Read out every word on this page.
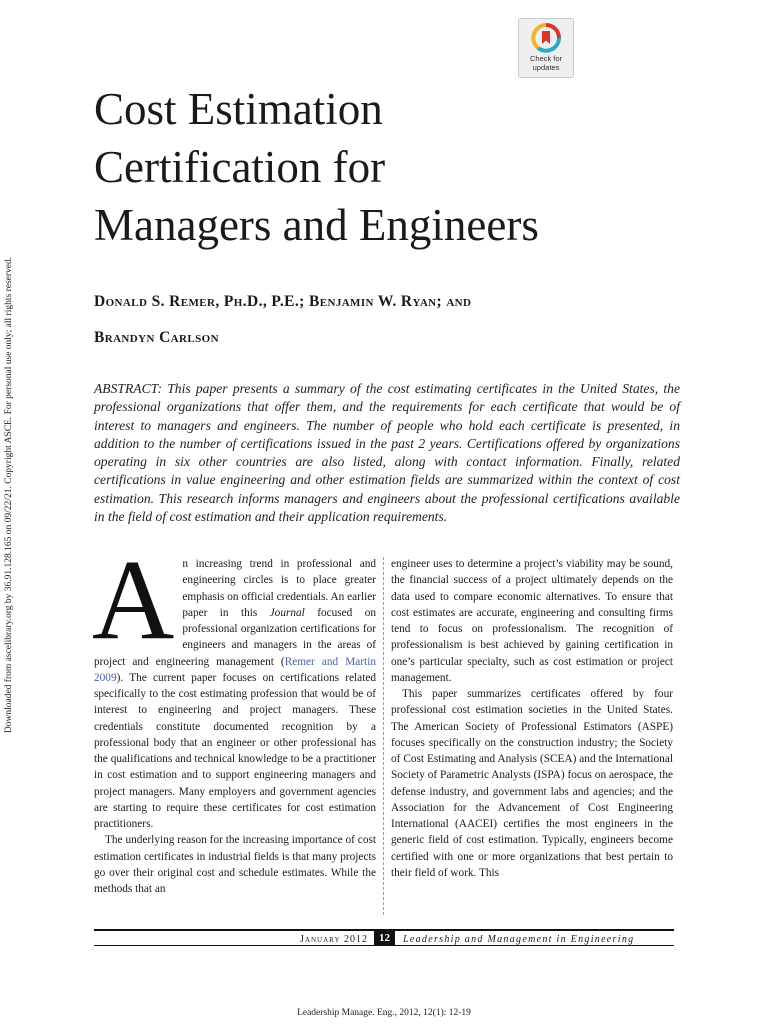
Downloaded from ascelibrary.org by 36.91.128.165 on 09/22/21. Copyright ASCE. For personal use only; all rights reserved.
Check for
updates
Cost Estimation
Certification for
Managers and Engineers
Donald S. Remer, Ph.D., P.E.; Benjamin W. Ryan; and
Brandyn Carlson
ABSTRACT: This paper presents a summary of the cost estimating certificates in the United States, the professional organizations that offer them, and the requirements for each certificate that would be of interest to managers and engineers. The number of people who hold each certificate is presented, in addition to the number of certifications issued in the past 2 years. Certifications offered by organizations operating in six other countries are also listed, along with contact information. Finally, related certifications in value engineering and other estimation fields are summarized within the context of cost estimation. This research informs managers and engineers about the professional certifications available in the field of cost estimation and their application requirements.

An increasing trend in professional and engineering circles is to place greater emphasis on official credentials. An earlier paper in this Journal focused on professional organization certifications for engineers and managers in the areas of project and engineering management (Remer and Martin 2009). The current paper focuses on certifications related specifically to the cost estimating profession that would be of interest to engineering and project managers. These credentials constitute documented recognition by a professional body that an engineer or other professional has the qualifications and technical knowledge to be a practitioner in cost estimation and to support engineering managers and project managers. Many employers and government agencies are starting to require these certificates for cost estimation practitioners.

The underlying reason for the increasing importance of cost estimation certificates in industrial fields is that many projects go over their original cost and schedule estimates. While the methods that an

engineer uses to determine a project’s viability may be sound, the financial success of a project ultimately depends on the data used to compare economic alternatives. To ensure that cost estimates are accurate, engineering and consulting firms tend to focus on professionalism. The recognition of professionalism is best achieved by gaining certification in one’s particular specialty, such as cost estimation or project management.

This paper summarizes certificates offered by four professional cost estimation societies in the United States. The American Society of Professional Estimators (ASPE) focuses specifically on the construction industry; the Society of Cost Estimating and Analysis (SCEA) and the International Society of Parametric Analysts (ISPA) focus on aerospace, the defense industry, and government labs and agencies; and the Association for the Advancement of Cost Engineering International (AACEI) certifies the most engineers in the generic field of cost estimation. Typically, engineers become certified with one or more organizations that best pertain to their field of work. This

January 2012	12	Leadership and Management in Engineering
Leadership Manage. Eng., 2012, 12(1): 12-19
